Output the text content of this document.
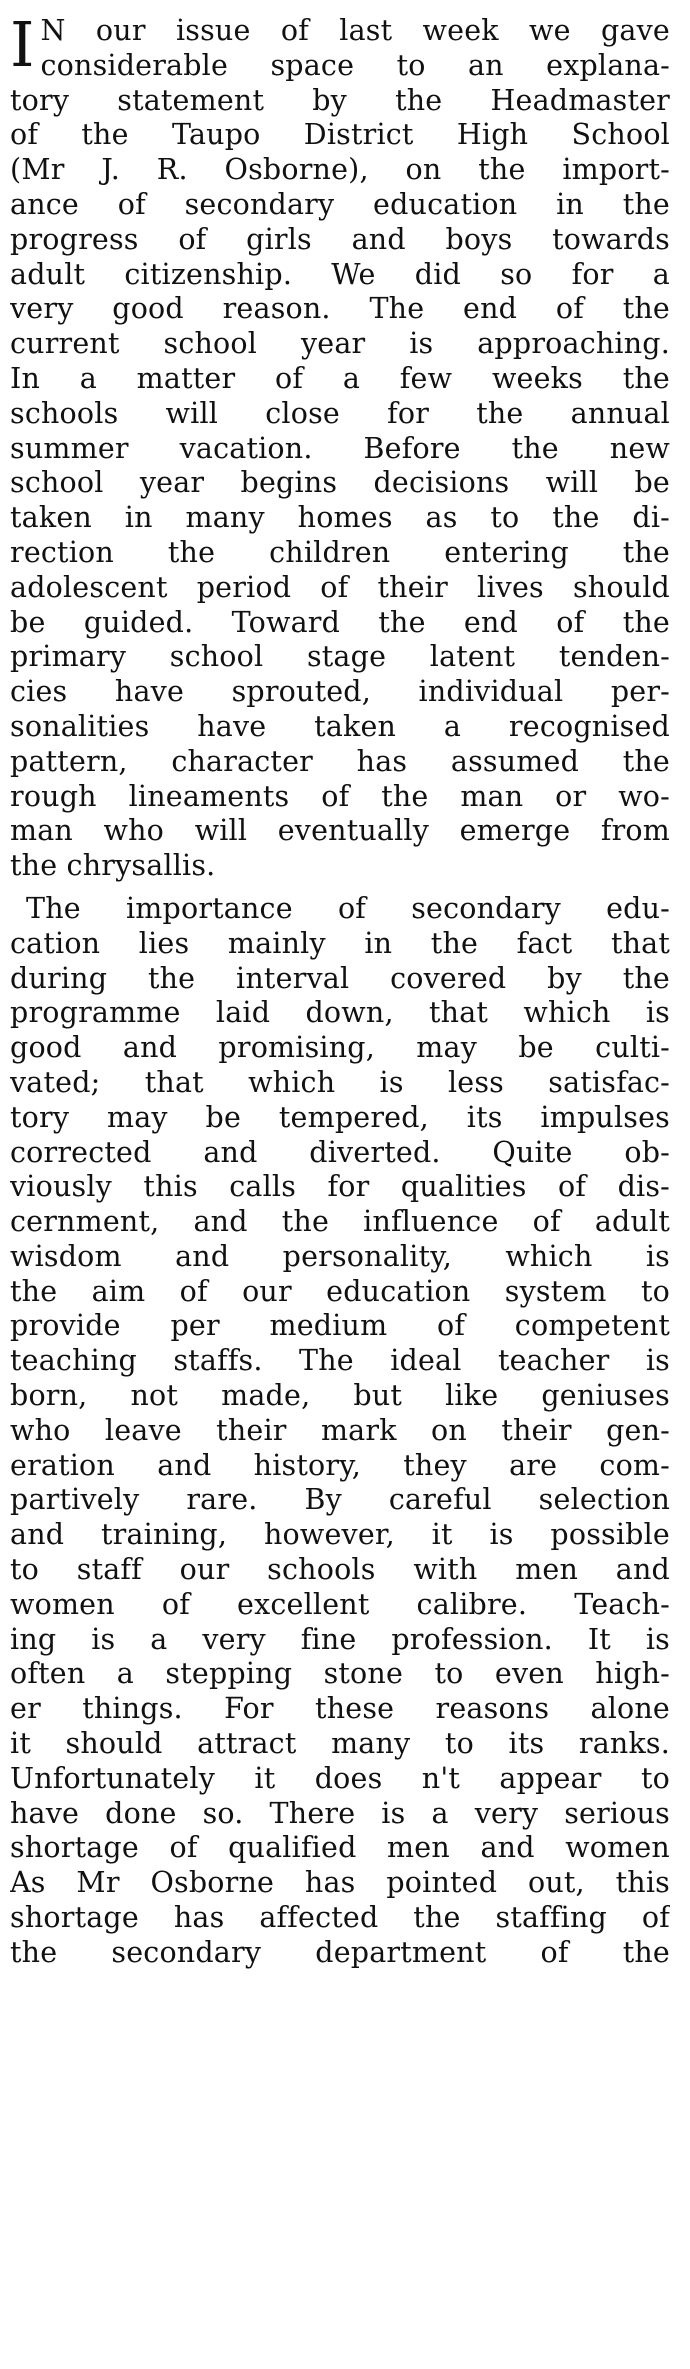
I N our issue of last week we gave
considerable space to an explana-
tory statement by the Headmaster
of the Taupo District High School
(Mr J. R. Osborne), on the import-
ance of secondary education in the
progress of girls and boys towards
adult citizenship. We did so for a
very good reason. The end of the
current school year is approaching.
In a matter of a few weeks the
schools will close for the annual
summer vacation. Before the new
school year begins decisions will be
taken in many homes as to the di-
rection the children entering the
adolescent period of their lives should
be guided. Toward the end of the
primary school stage latent tenden-
cies have sprouted, individual per-
sonalities have taken a recognised
pattern, character has assumed the
rough lineaments of the man or wo-
man who will eventually emerge from
the chrysallis.
The importance of secondary edu-
cation lies mainly in the fact that
during the interval covered by the
programme laid down, that which is
good and promising, may be culti-
vated; that which is less satisfac-
tory may be tempered, its impulses
corrected and diverted. Quite ob-
viously this calls for qualities of dis-
cernment, and the influence of adult
wisdom and personality, which is
the aim of our education system to
provide per medium of competent
teaching staffs. The ideal teacher is
born, not made, but like geniuses
who leave their mark on their gen-
eration and history, they are com-
partively rare. By careful selection
and training, however, it is possible
to staff our schools with men and
women of excellent calibre. Teach-
ing is a very fine profession. It is
often a stepping stone to even high-
er things. For these reasons alone
it should attract many to its ranks.
Unfortunately it does n't appear to
have done so. There is a very serious
shortage of qualified men and women
As Mr Osborne has pointed out, this
shortage has affected the staffing of
the secondary department of the
